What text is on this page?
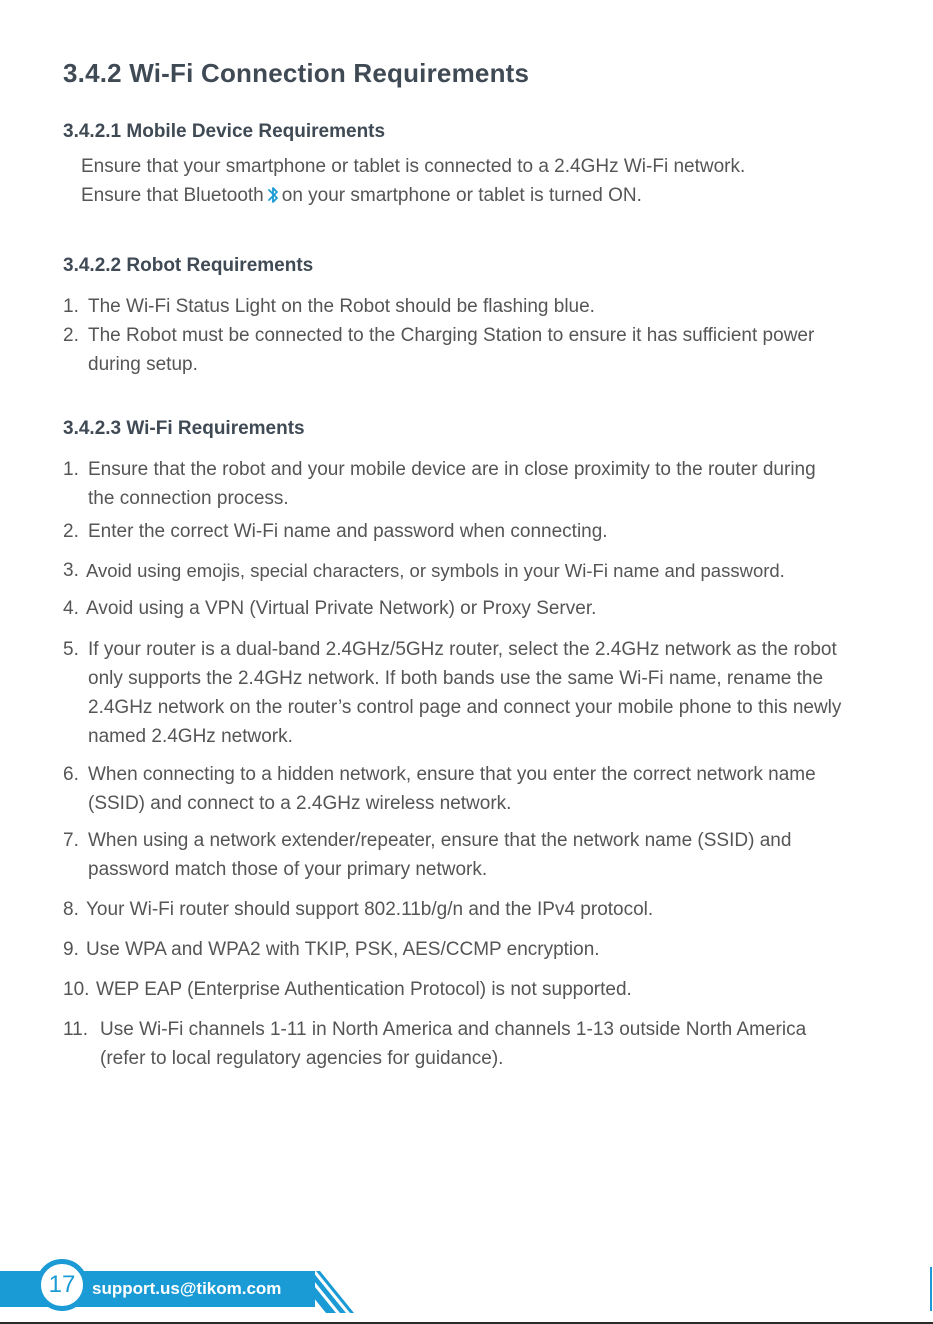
3.4.2 Wi-Fi Connection Requirements
3.4.2.1 Mobile Device Requirements

Ensure that your smartphone or tablet is connected to a 2.4GHz Wi-Fi network.

Ensure that Bluetooth on your smartphone or tablet is turned ON.

3.4.2.2 Robot Requirements
1. The Wi-Fi Status Light on the Robot should be flashing blue.
2. The Robot must be connected to the Charging Station to ensure it has sufficient power during setup.
3.4.2.3 Wi-Fi Requirements
1. Ensure that the robot and your mobile device are in close proximity to the router during the connection process.
2. Enter the correct Wi-Fi name and password when connecting.
3. Avoid using emojis, special characters, or symbols in your Wi-Fi name and password.
4. Avoid using a VPN (Virtual Private Network) or Proxy Server.
5. If your router is a dual-band 2.4GHz/5GHz router, select the 2.4GHz network as the robot only supports the 2.4GHz network. If both bands use the same Wi-Fi name, rename the 2.4GHz network on the router’s control page and connect your mobile phone to this newly named 2.4GHz network.
6. When connecting to a hidden network, ensure that you enter the correct network name (SSID) and connect to a 2.4GHz wireless network.
7. When using a network extender/repeater, ensure that the network name (SSID) and password match those of your primary network.
8. Your Wi-Fi router should support 802.11b/g/n and the IPv4 protocol.
9. Use WPA and WPA2 with TKIP, PSK, AES/CCMP encryption.
10. WEP EAP (Enterprise Authentication Protocol) is not supported.
11. Use Wi-Fi channels 1-11 in North America and channels 1-13 outside North America (refer to local regulatory agencies for guidance).
17 support.us@tikom.com
